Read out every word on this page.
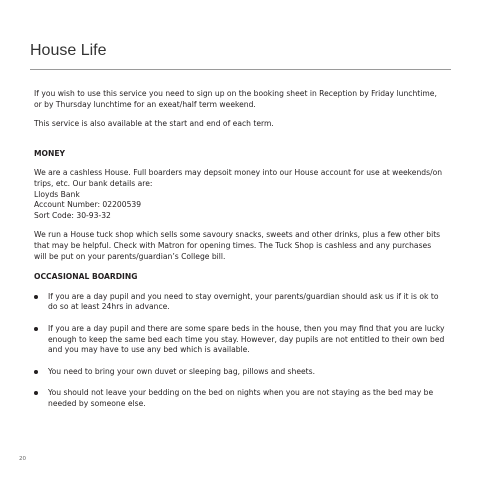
House Life

If you wish to use this service you need to sign up on the booking sheet in Reception by Friday lunchtime, or by Thursday lunchtime for an exeat/half term weekend.

This service is also available at the start and end of each term.

MONEY

We are a cashless House. Full boarders may depsoit money into our House account for use at weekends/on trips, etc. Our bank details are:
Lloyds Bank
Account Number: 02200539
Sort Code: 30-93-32

We run a House tuck shop which sells some savoury snacks, sweets and other drinks, plus a few other bits that may be helpful. Check with Matron for opening times. The Tuck Shop is cashless and any purchases will be put on your parents/guardian’s College bill.

OCCASIONAL BOARDING

If you are a day pupil and you need to stay overnight, your parents/guardian should ask us if it is ok to do so at least 24hrs in advance.
If you are a day pupil and there are some spare beds in the house, then you may find that you are lucky enough to keep the same bed each time you stay. However, day pupils are not entitled to their own bed and you may have to use any bed which is available.
You need to bring your own duvet or sleeping bag, pillows and sheets.
You should not leave your bedding on the bed on nights when you are not staying as the bed may be needed by someone else.

20
